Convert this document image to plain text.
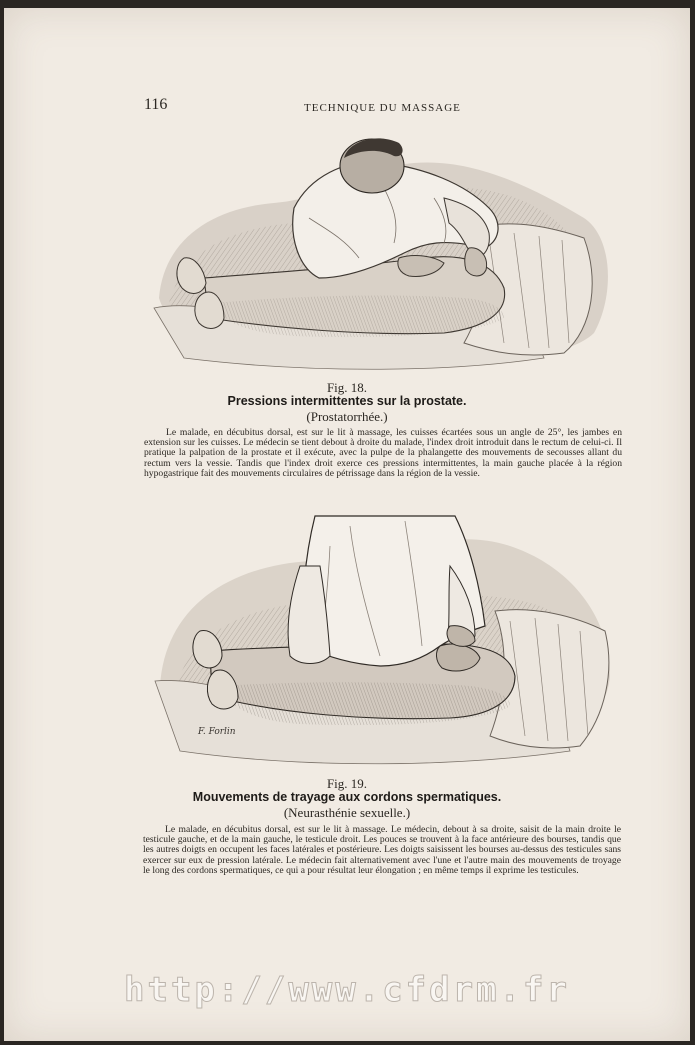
116	TECHNIQUE DU MASSAGE
Fig. 18.
Pressions intermittentes sur la prostate.
(Prostatorrhée.)
Le malade, en décubitus dorsal, est sur le lit à massage, les cuisses écartées sous un angle de 25°, les jambes en extension sur les cuisses. Le médecin se tient debout à droite du malade, l'index droit introduit dans le rectum de celui-ci. Il pratique la palpation de la prostate et il exécute, avec la pulpe de la phalangette des mouvements de secousses allant du rectum vers la vessie. Tandis que l'index droit exerce ces pressions intermittentes, la main gauche placée à la région hypogastrique fait des mouvements circulaires de pétrissage dans la région de la vessie.
F. Forlin
Fig. 19.
Mouvements de trayage aux cordons spermatiques.
(Neurasthénie sexuelle.)
Le malade, en décubitus dorsal, est sur le lit à massage. Le médecin, debout à sa droite, saisit de la main droite le testicule gauche, et de la main gauche, le testicule droit. Les pouces se trouvent à la face antérieure des bourses, tandis que les autres doigts en occupent les faces latérales et postérieure. Les doigts saisissent les bourses au-dessus des testicules sans exercer sur eux de pression latérale. Le médecin fait alternativement avec l'une et l'autre main des mouvements de troyage le long des cordons spermatiques, ce qui a pour résultat leur élongation ; en même temps il exprime les testicules.
http://www.cfdrm.fr
